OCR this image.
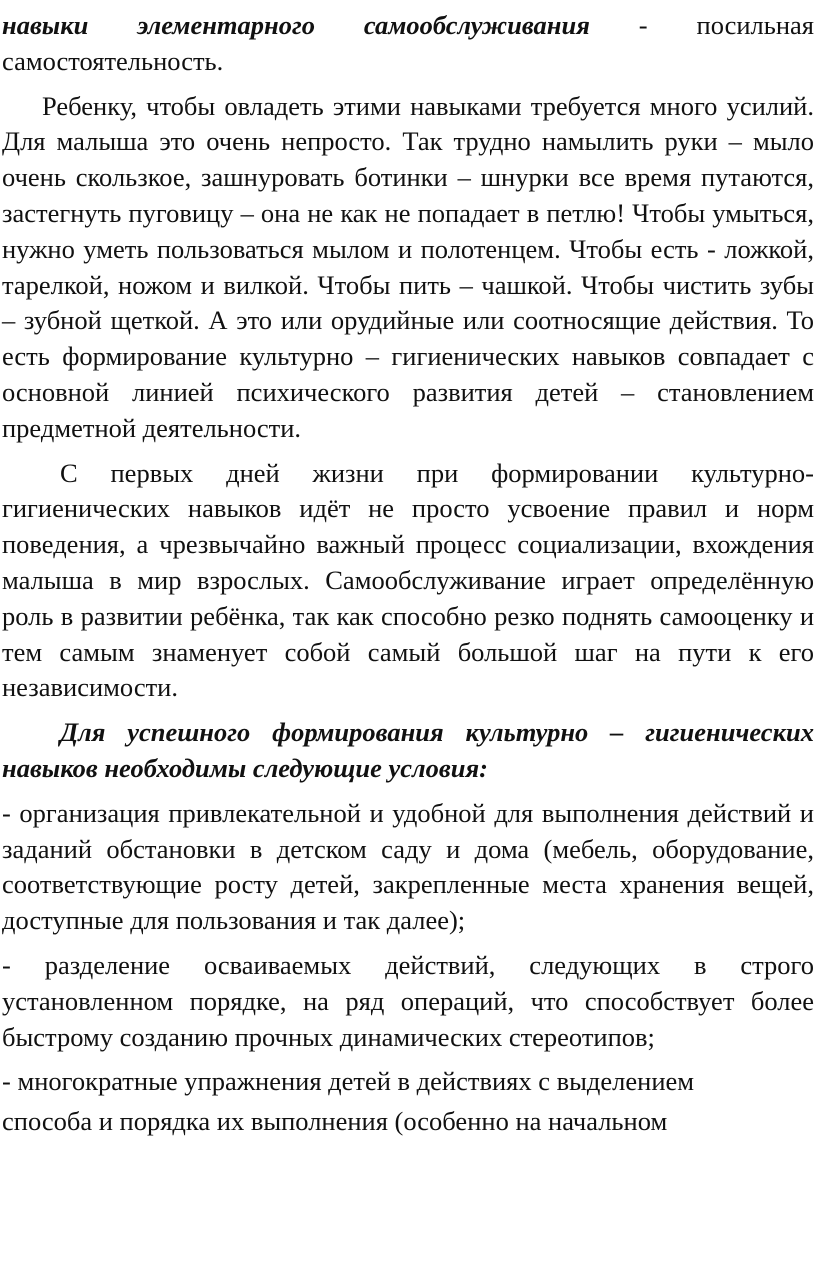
навыки элементарного самообслуживания - посильная самостоятельность.

Ребенку, чтобы овладеть этими навыками требуется много усилий. Для малыша это очень непросто. Так трудно намылить руки – мыло очень скользкое, зашнуровать ботинки – шнурки все время путаются, застегнуть пуговицу – она не как не попадает в петлю! Чтобы умыться, нужно уметь пользоваться мылом и полотенцем. Чтобы есть - ложкой, тарелкой, ножом и вилкой. Чтобы пить – чашкой. Чтобы чистить зубы – зубной щеткой. А это или орудийные или соотносящие действия. То есть формирование культурно – гигиенических навыков совпадает с основной линией психического развития детей – становлением предметной деятельности.

С первых дней жизни при формировании культурно-гигиенических навыков идёт не просто усвоение правил и норм поведения, а чрезвычайно важный процесс социализации, вхождения малыша в мир взрослых. Самообслуживание играет определённую роль в развитии ребёнка, так как способно резко поднять самооценку и тем самым знаменует собой самый большой шаг на пути к его независимости.

Для успешного формирования культурно – гигиенических навыков необходимы следующие условия:

- организация привлекательной и удобной для выполнения действий и заданий обстановки в детском саду и дома (мебель, оборудование, соответствующие росту детей, закрепленные места хранения вещей, доступные для пользования и так далее);

- разделение осваиваемых действий, следующих в строго установленном порядке, на ряд операций, что способствует более быстрому созданию прочных динамических стереотипов;

- многократные упражнения детей в действиях с выделением

способа и порядка их выполнения (особенно на начальном
